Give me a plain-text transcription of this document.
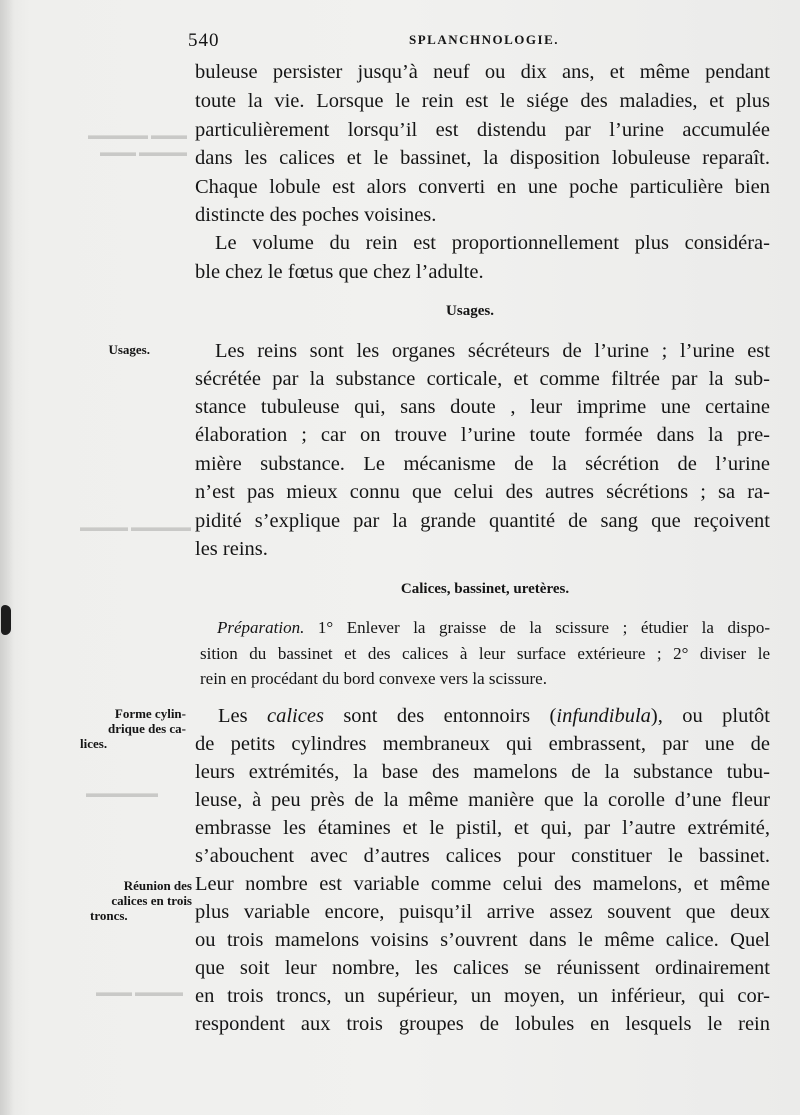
▬▬▬▬▬ ▬▬▬
▬▬▬ ▬▬▬▬
▬▬▬▬ ▬▬▬▬▬
▬▬▬▬▬▬
▬▬▬ ▬▬▬▬
540	SPLANCHNOLOGIE.

buleuse persister jusqu’à neuf ou dix ans, et même pendant

toute la vie. Lorsque le rein est le siége des maladies, et plus

particulièrement lorsqu’il est distendu par l’urine accumulée

dans les calices et le bassinet, la disposition lobuleuse reparaît.

Chaque lobule est alors converti en une poche particulière bien

distincte des poches voisines.

Le volume du rein est proportionnellement plus considéra-

ble chez le fœtus que chez l’adulte.

Usages.

Usages.	Les reins sont les organes sécréteurs de l’urine ; l’urine est

sécrétée par la substance corticale, et comme filtrée par la sub-

stance tubuleuse qui, sans doute , leur imprime une certaine

élaboration ; car on trouve l’urine toute formée dans la pre-

mière substance. Le mécanisme de la sécrétion de l’urine

n’est pas mieux connu que celui des autres sécrétions ; sa ra-

pidité s’explique par la grande quantité de sang que reçoivent

les reins.

Calices, bassinet, uretères.

Préparation. 1° Enlever la graisse de la scissure ; étudier la dispo-

sition du bassinet et des calices à leur surface extérieure ; 2° diviser le

rein en procédant du bord convexe vers la scissure.

Forme cylin-
drique des ca-
lices.

Les calices sont des entonnoirs (infundibula), ou plutôt

de petits cylindres membraneux qui embrassent, par une de

leurs extrémités, la base des mamelons de la substance tubu-

leuse, à peu près de la même manière que la corolle d’une fleur

embrasse les étamines et le pistil, et qui, par l’autre extrémité,

s’abouchent avec d’autres calices pour constituer le bassinet.

Leur nombre est variable comme celui des mamelons, et même

plus variable encore, puisqu’il arrive assez souvent que deux

ou trois mamelons voisins s’ouvrent dans le même calice. Quel

que soit leur nombre, les calices se réunissent ordinairement

en trois troncs, un supérieur, un moyen, un inférieur, qui cor-

respondent aux trois groupes de lobules en lesquels le rein

Réunion des
calices en trois
troncs.
